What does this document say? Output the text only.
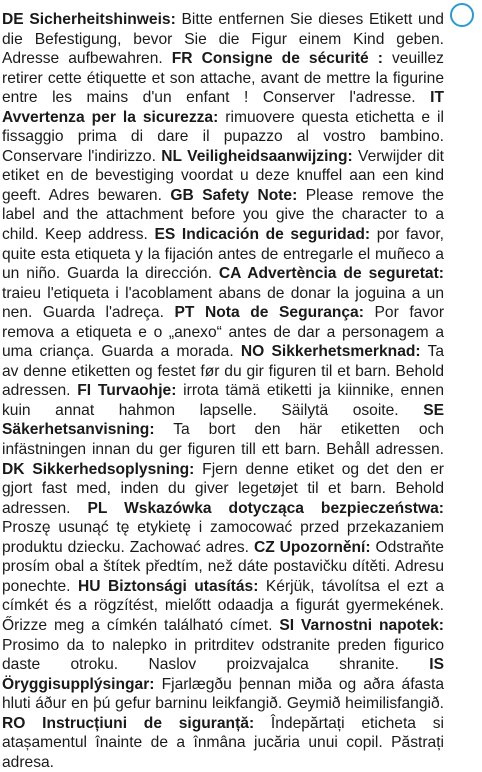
DE Sicherheitshinweis: Bitte entfernen Sie dieses Etikett und die Befestigung, bevor Sie die Figur einem Kind geben. Adresse aufbewahren. FR Consigne de sécurité : veuillez retirer cette étiquette et son attache, avant de mettre la figurine entre les mains d'un enfant ! Conserver l'adresse. IT Avvertenza per la sicurezza: rimuovere questa etichetta e il fissaggio prima di dare il pupazzo al vostro bambino. Conservare l'indirizzo. NL Veiligheidsaanwijzing: Verwijder dit etiket en de bevestiging voordat u deze knuffel aan een kind geeft. Adres bewaren. GB Safety Note: Please remove the label and the attachment before you give the character to a child. Keep address. ES Indicación de seguridad: por favor, quite esta etiqueta y la fijación antes de entregarle el muñeco a un niño. Guarda la dirección. CA Advertència de seguretat: traieu l'etiqueta i l'acoblament abans de donar la joguina a un nen. Guarda l'adreça. PT Nota de Segurança: Por favor remova a etiqueta e o „anexo“ antes de dar a personagem a uma criança. Guarda a morada. NO Sikkerhetsmerknad: Ta av denne etiketten og festet før du gir figuren til et barn. Behold adressen. FI Turvaohje: irrota tämä etiketti ja kiinnike, ennen kuin annat hahmon lapselle. Säilytä osoite. SE Säkerhetsanvisning: Ta bort den här etiketten och infästningen innan du ger figuren till ett barn. Behåll adressen. DK Sikkerhedsoplysning: Fjern denne etiket og det den er gjort fast med, inden du giver legetøjet til et barn. Behold adressen. PL Wskazówka dotycząca bezpieczeństwa: Proszę usunąć tę etykietę i zamocować przed przekazaniem produktu dziecku. Zachować adres. CZ Upozornění: Odstraňte prosím obal a štítek předtím, než dáte postavičku dítěti. Adresu ponechte. HU Biztonsági utasítás: Kérjük, távolítsa el ezt a címkét és a rögzítést, mielőtt odaadja a figurát gyermekének. Őrizze meg a címkén található címet. SI Varnostni napotek: Prosimo da to nalepko in pritrditev odstranite preden figurico daste otroku. Naslov proizvajalca shranite. IS Öryggisupplýsingar: Fjarlægðu þennan miða og aðra áfasta hluti áður en þú gefur barninu leikfangið. Geymið heimilisfangið. RO Instrucțiuni de siguranță: Îndepărtați eticheta si atașamentul înainte de a înmâna jucăria unui copil. Păstrați adresa.
